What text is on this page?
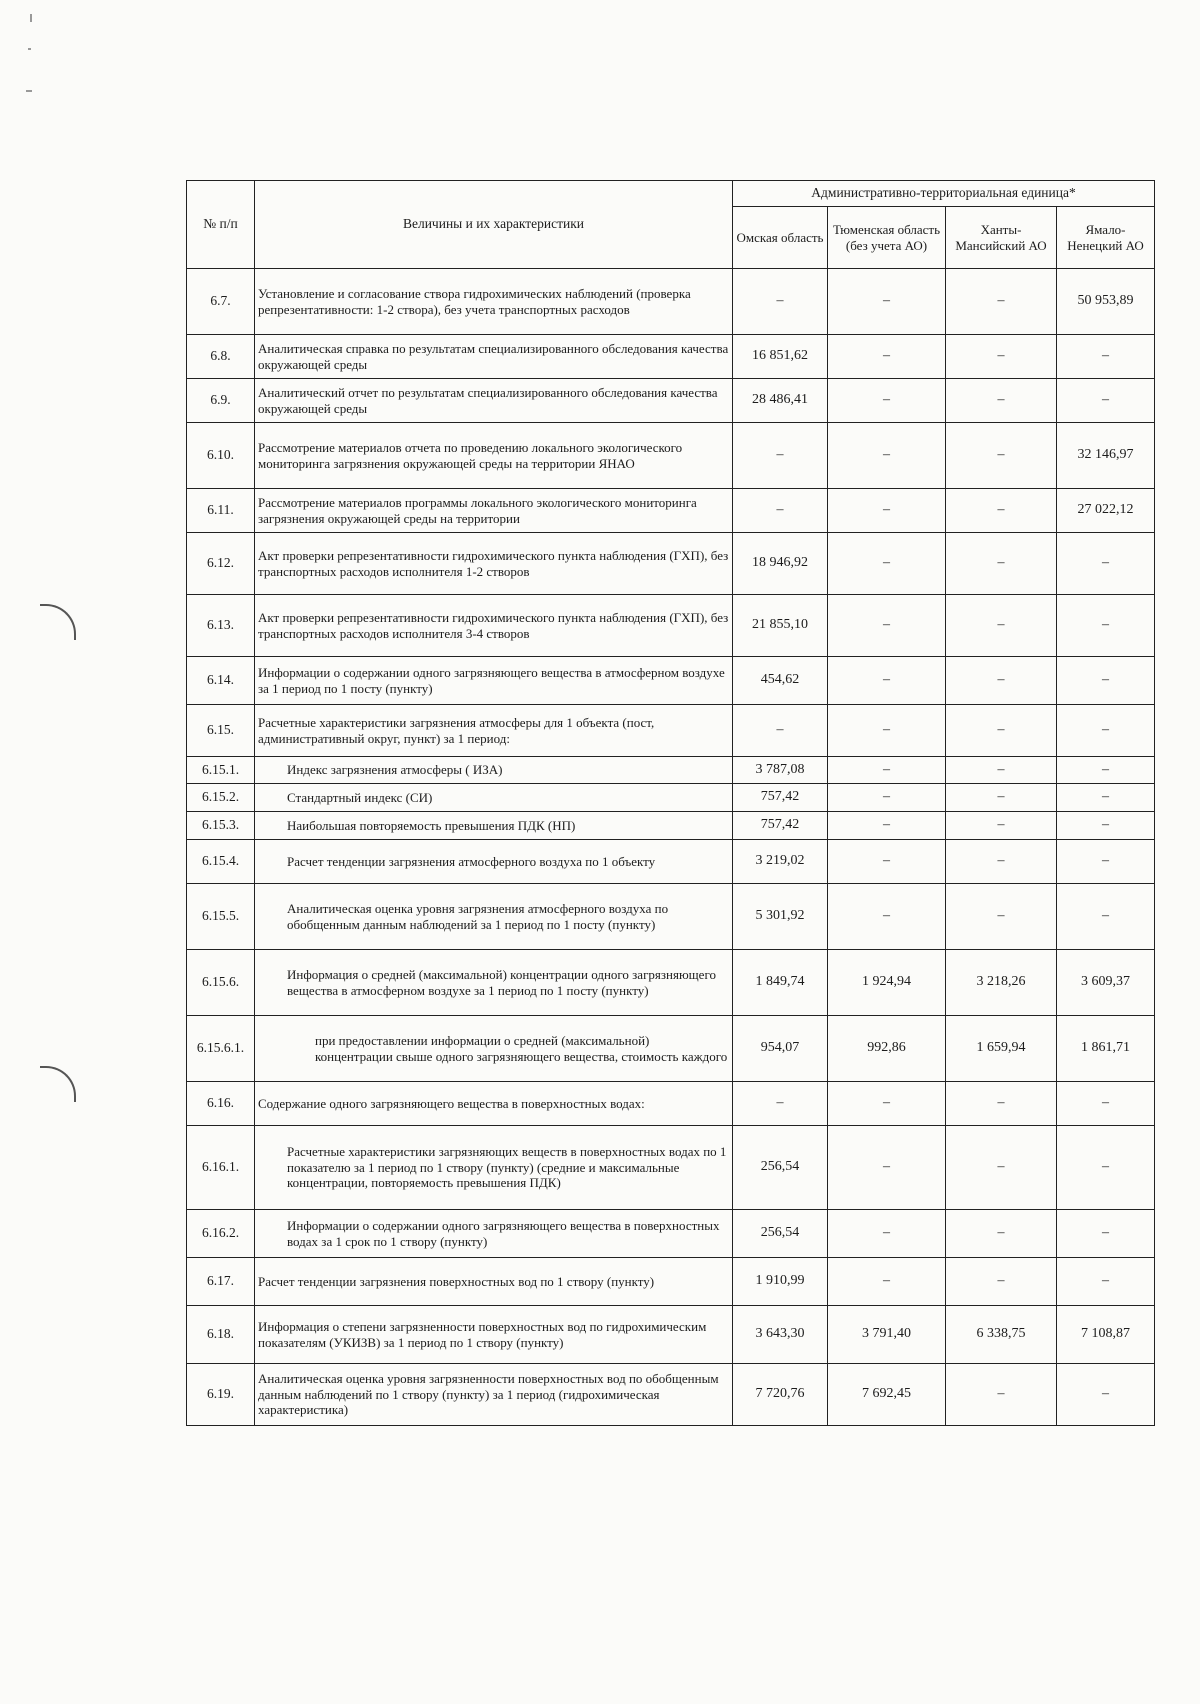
№ п/п	Величины и их характеристики	Административно-территориальная единица*			
		Омская область	Тюменская область (без учета АО)	Ханты-Мансийский АО	Ямало-Ненецкий АО
6.7.	Установление и согласование створа гидрохимических наблюдений (проверка репрезентативности: 1-2 створа), без учета транспортных расходов	–	–	–	50 953,89
6.8.	Аналитическая справка по результатам специализированного обследования качества окружающей среды	16 851,62	–	–	–
6.9.	Аналитический отчет по результатам специализированного обследования качества окружающей среды	28 486,41	–	–	–
6.10.	Рассмотрение материалов отчета по проведению локального экологического мониторинга загрязнения окружающей среды на территории ЯНАО	–	–	–	32 146,97
6.11.	Рассмотрение материалов программы локального экологического мониторинга загрязнения окружающей среды на территории	–	–	–	27 022,12
6.12.	Акт проверки репрезентативности гидрохимического пункта наблюдения (ГХП), без транспортных расходов исполнителя 1-2 створов	18 946,92	–	–	–
6.13.	Акт проверки репрезентативности гидрохимического пункта наблюдения (ГХП), без транспортных расходов исполнителя 3-4 створов	21 855,10	–	–	–
6.14.	Информации о содержании одного загрязняющего вещества в атмосферном воздухе за 1 период по 1 посту (пункту)	454,62	–	–	–
6.15.	Расчетные характеристики загрязнения атмосферы для 1 объекта (пост, административный округ, пункт) за 1 период:	–	–	–	–
6.15.1.	Индекс загрязнения атмосферы ( ИЗА)	3 787,08	–	–	–
6.15.2.	Стандартный индекс (СИ)	757,42	–	–	–
6.15.3.	Наибольшая повторяемость превышения ПДК (НП)	757,42	–	–	–
6.15.4.	Расчет тенденции загрязнения атмосферного воздуха по 1 объекту	3 219,02	–	–	–
6.15.5.	Аналитическая оценка уровня загрязнения атмосферного воздуха по обобщенным данным наблюдений за 1 период по 1 посту (пункту)	5 301,92	–	–	–
6.15.6.	Информация о средней (максимальной) концентрации одного загрязняющего вещества в атмосферном воздухе за 1 период по 1 посту (пункту)	1 849,74	1 924,94	3 218,26	3 609,37
6.15.6.1.	при предоставлении информации о средней (максимальной) концентрации свыше одного загрязняющего вещества, стоимость каждого	954,07	992,86	1 659,94	1 861,71
6.16.	Содержание одного загрязняющего вещества в поверхностных водах:	–	–	–	–
6.16.1.	Расчетные характеристики загрязняющих веществ в поверхностных водах по 1 показателю за 1 период по 1 створу (пункту) (средние и максимальные концентрации, повторяемость превышения ПДК)	256,54	–	–	–
6.16.2.	Информации о содержании одного загрязняющего вещества в поверхностных водах за 1 срок по 1 створу (пункту)	256,54	–	–	–
6.17.	Расчет тенденции загрязнения поверхностных вод по 1 створу (пункту)	1 910,99	–	–	–
6.18.	Информация о степени загрязненности поверхностных вод по гидрохимическим показателям (УКИЗВ) за 1 период по 1 створу (пункту)	3 643,30	3 791,40	6 338,75	7 108,87
6.19.	Аналитическая оценка уровня загрязненности поверхностных вод по обобщенным данным наблюдений по 1 створу (пункту) за 1 период (гидрохимическая характеристика)	7 720,76	7 692,45	–	–
